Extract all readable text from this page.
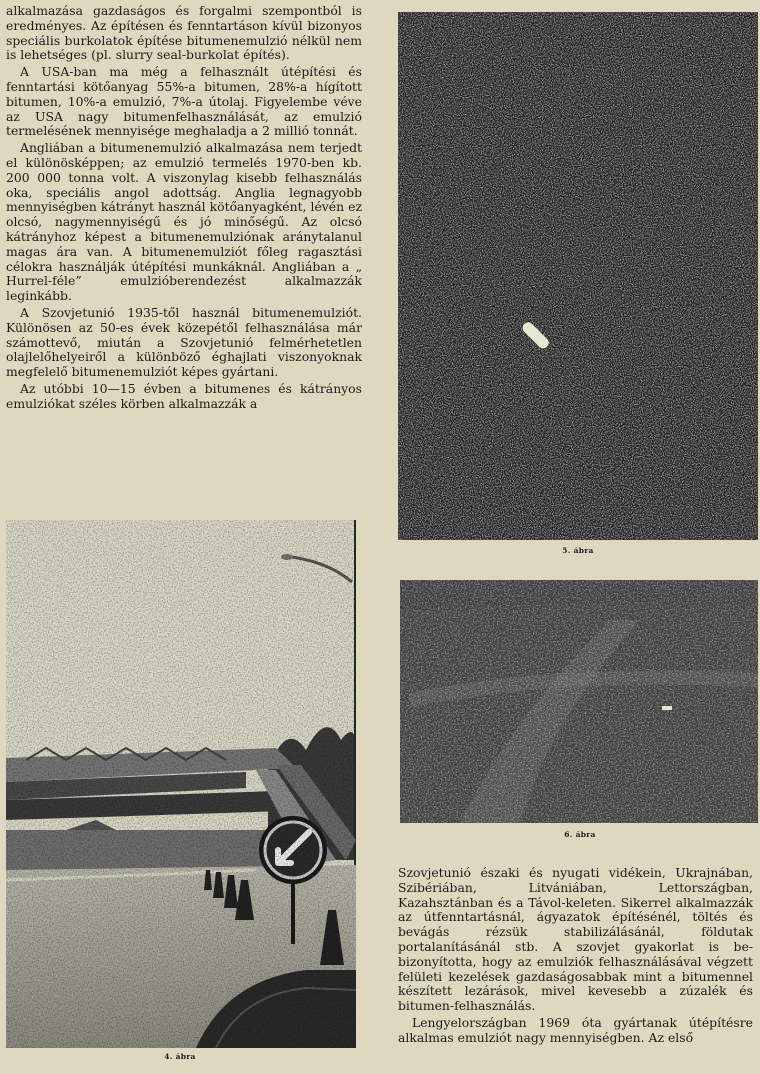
alkalmazása gazdaságos és forgalmi szempontból is eredményes. Az építésen és fenntartáson kívül bizonyos speciális burkolatok építése bitumenemulzió nélkül nem is lehetséges (pl. slurry seal-burkolat építés).

A USA-ban ma még a felhasznált útépítési és fenntartási kötőanyag 55%-a bitumen, 28%-a hígított bitumen, 10%-a emulzió, 7%-a útolaj. Figyelembe véve az USA nagy bitumenfelhasználását, az emulzió termelésének mennyisége meghaladja a 2 millió tonnát.

Angliában a bitumenemulzió alkalmazása nem terjedt el különösképpen; az emulzió termelés 1970-ben kb. 200 000 tonna volt. A viszonylag kisebb felhasználás oka, speciális angol adottság. Anglia legnagyobb mennyiségben kátrányt használ kötőanyagként, lévén ez olcsó, nagymennyiségű és jó minőségű. Az olcsó kátrányhoz képest a bitumenemulziónak aránytalanul magas ára van. A bitumenemulziót főleg ragasztási célokra használják útépítési munkáknál. Angliában a „ Hurrel-féle” emulzióberendezést alkalmazzák leginkább.

A Szovjetunió 1935-től használ bitumenemulziót. Különösen az 50-es évek közepétől felhasználása már számottevő, miután a Szovjetunió felmérhetetlen olajlelőhelyeiről a különböző éghajlati viszonyoknak megfelelő bitumenemulziót képes gyártani.

Az utóbbi 10—15 évben a bitumenes és kátrányos emulziókat széles körben alkalmazzák a

5. ábra
6. ábra
4. ábra

Szovjetunió északi és nyugati vidékein, Ukrajnában, Szibériában, Litvániában, Lettországban, Kazahsztánban és a Távol-keleten. Sikerrel alkalmazzák az útfenntartásnál, ágyazatok építésénél, töltés és bevágás rézsük stabilizálásánál, földutak portalanításánál stb. A szovjet gyakorlat is bebizonyította, hogy az emulziók felhasználásával végzett felületi kezelések gazdaságosabbak mint a bitumennel készített lezárások, mivel kevesebb a zúzalék és bitumen-felhasználás.

Lengyelországban 1969 óta gyártanak útépítésre alkalmas emulziót nagy mennyiségben. Az első
